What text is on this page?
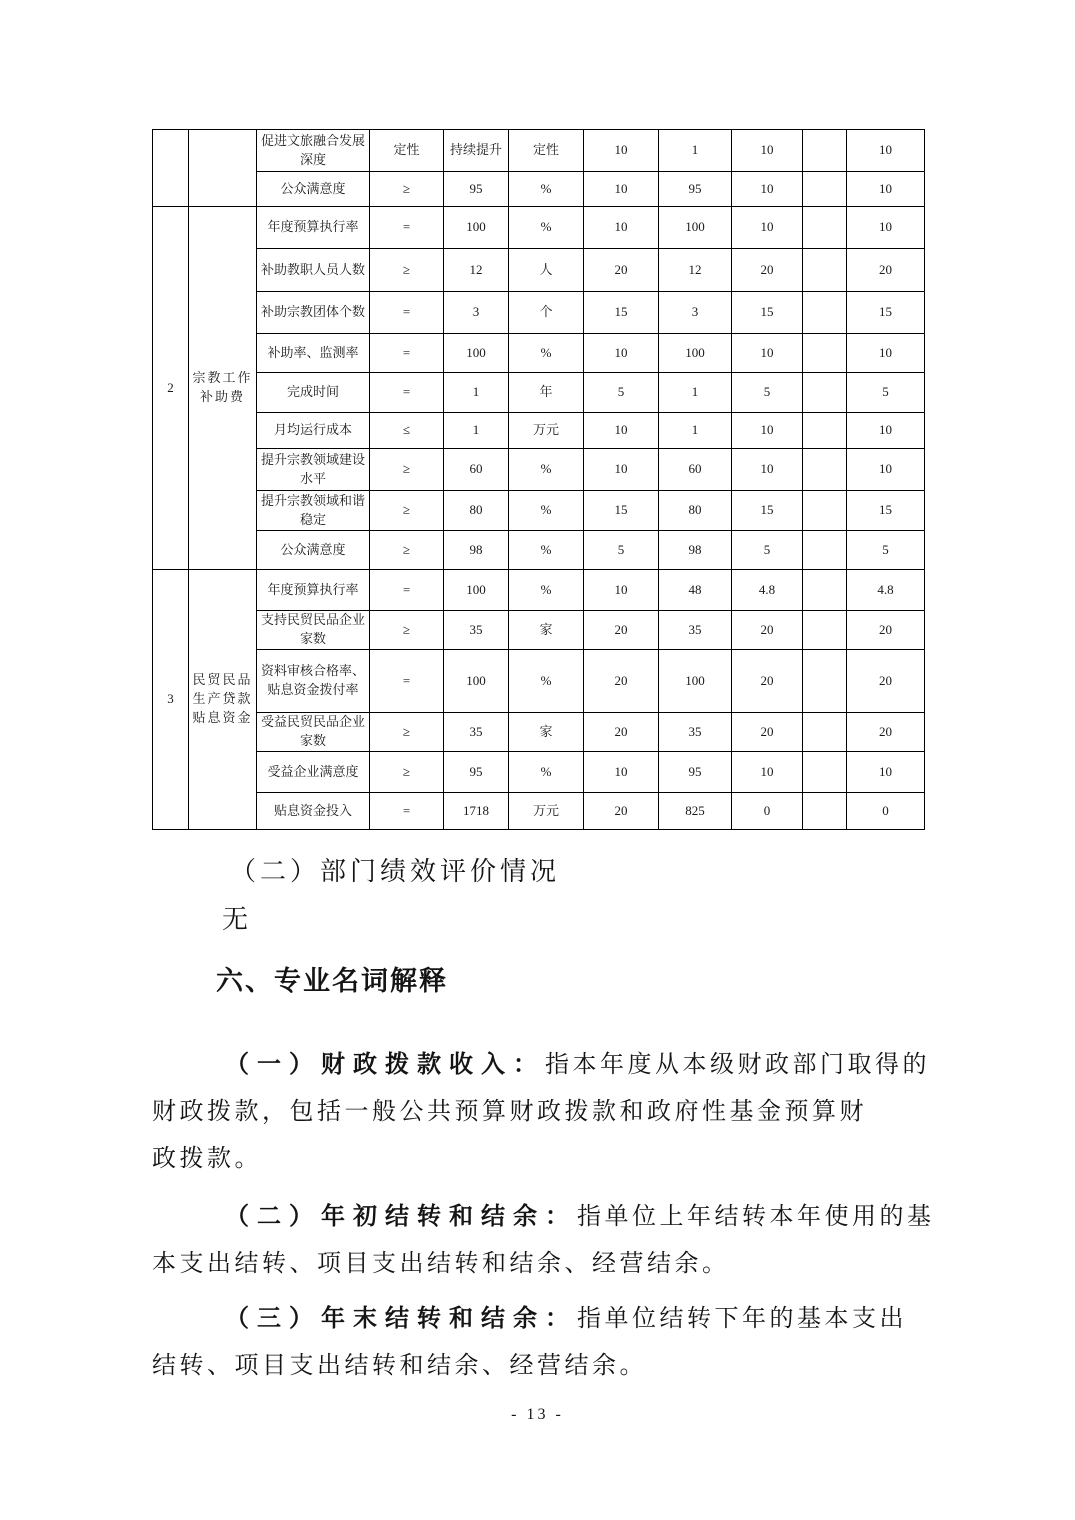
		促进文旅融合发展深度	定性	持续提升	定性	10	1	10		10
		公众满意度	≥	95	%	10	95	10		10
2	宗教工作补助费	年度预算执行率	=	100	%	10	100	10		10
		补助教职人员人数	≥	12	人	20	12	20		20
		补助宗教团体个数	=	3	个	15	3	15		15
		补助率、监测率	=	100	%	10	100	10		10
		完成时间	=	1	年	5	1	5		5
		月均运行成本	≤	1	万元	10	1	10		10
		提升宗教领域建设水平	≥	60	%	10	60	10		10
		提升宗教领域和谐稳定	≥	80	%	15	80	15		15
		公众满意度	≥	98	%	5	98	5		5
3	民贸民品生产贷款贴息资金	年度预算执行率	=	100	%	10	48	4.8		4.8
		支持民贸民品企业家数	≥	35	家	20	35	20		20
		资料审核合格率、贴息资金拨付率	=	100	%	20	100	20		20
		受益民贸民品企业家数	≥	35	家	20	35	20		20
		受益企业满意度	≥	95	%	10	95	10		10
		贴息资金投入	=	1718	万元	20	825	0		0
（二）部门绩效评价情况
无
六、专业名词解释
（一）财政拨款收入：指本年度从本级财政部门取得的
财政拨款，包括一般公共预算财政拨款和政府性基金预算财
政拨款。
（二）年初结转和结余：指单位上年结转本年使用的基
本支出结转、项目支出结转和结余、经营结余。
（三）年末结转和结余：指单位结转下年的基本支出
结转、项目支出结转和结余、经营结余。
- 13 -
